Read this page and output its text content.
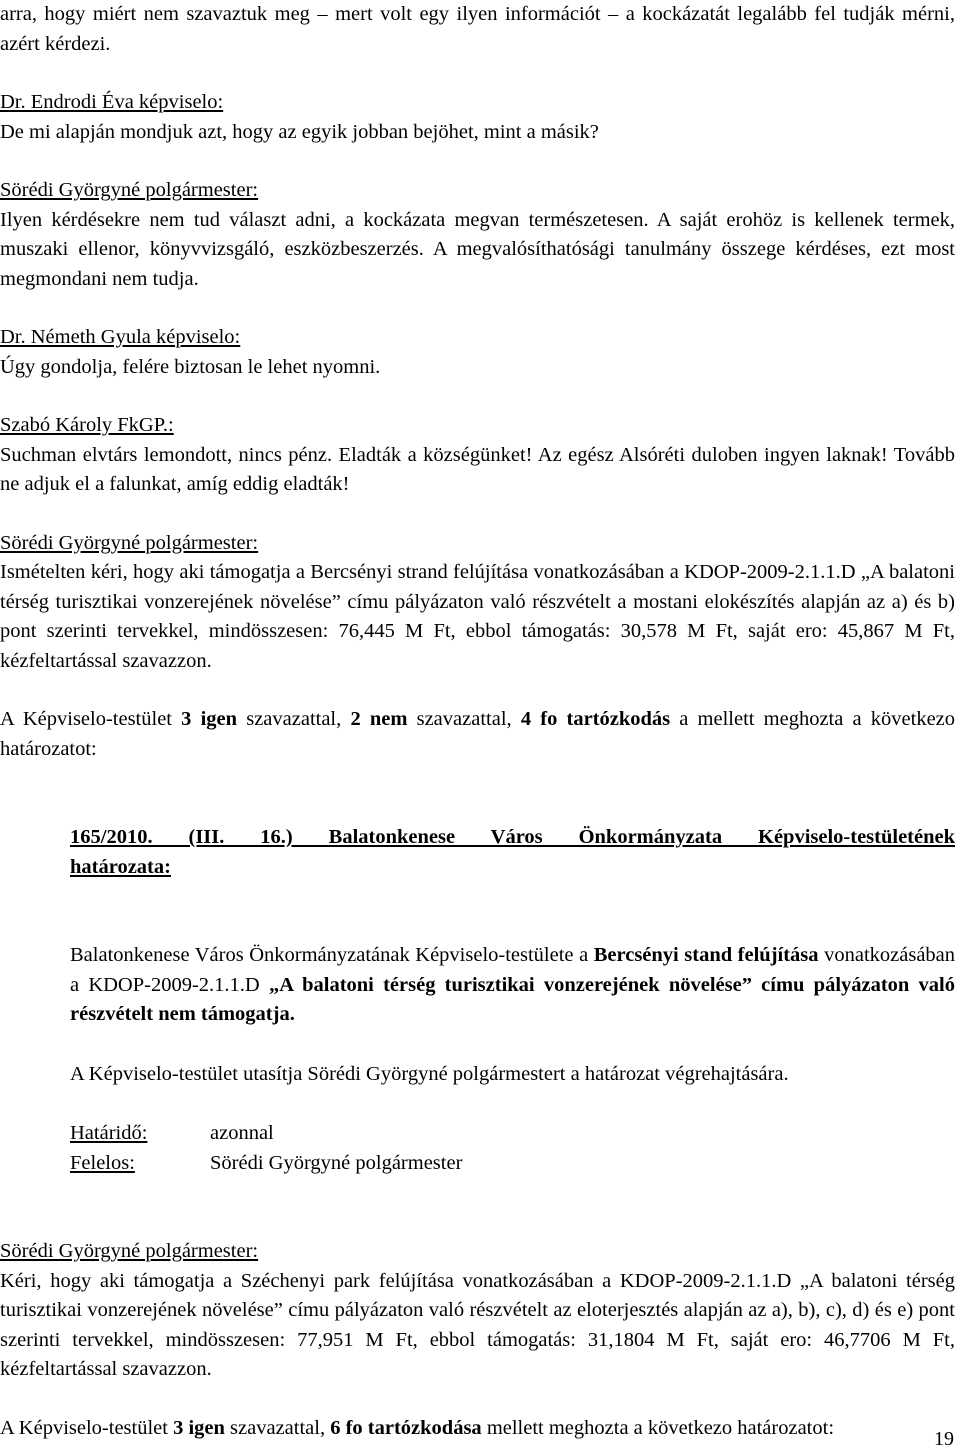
arra, hogy miért nem szavaztuk meg – mert volt egy ilyen információt – a kockázatát legalább fel tudják mérni, azért kérdezi.

Dr. Endrodi Éva képviselo:

De mi alapján mondjuk azt, hogy az egyik jobban bejöhet, mint a másik?

Sörédi Györgyné polgármester:

Ilyen kérdésekre nem tud választ adni, a kockázata megvan természetesen. A saját erohöz is kellenek termek, muszaki ellenor, könyvvizsgáló, eszközbeszerzés. A megvalósíthatósági tanulmány összege kérdéses, ezt most megmondani nem tudja.

Dr. Németh Gyula képviselo:

Úgy gondolja, felére biztosan le lehet nyomni.

Szabó Károly FkGP.:

Suchman elvtárs lemondott, nincs pénz. Eladták a községünket! Az egész Alsóréti duloben ingyen laknak! Tovább ne adjuk el a falunkat, amíg eddig eladták!

Sörédi Györgyné polgármester:

Ismételten kéri, hogy aki támogatja a Bercsényi strand felújítása vonatkozásában a KDOP-2009-2.1.1.D „A balatoni térség turisztikai vonzerejének növelése” címu pályázaton való részvételt a mostani elokészítés alapján az a) és b) pont szerinti tervekkel, mindösszesen: 76,445 M Ft, ebbol támogatás: 30,578 M Ft, saját ero: 45,867 M Ft, kézfeltartással szavazzon.

A Képviselo-testület 3 igen szavazattal, 2 nem szavazattal, 4 fo tartózkodás a mellett meghozta a következo határozatot:

165/2010. (III. 16.) Balatonkenese Város Önkormányzata Képviselo-testületének

határozata:

Balatonkenese Város Önkormányzatának Képviselo-testülete a Bercsényi stand felújítása vonatkozásában a KDOP-2009-2.1.1.D „A balatoni térség turisztikai vonzerejének növelése” címu pályázaton való részvételt nem támogatja.

A Képviselo-testület utasítja Sörédi Györgyné polgármestert a határozat végrehajtására.

Határidő:	azonnal
Felelos:	Sörédi Györgyné polgármester

Sörédi Györgyné polgármester:

Kéri, hogy aki támogatja a Széchenyi park felújítása vonatkozásában a KDOP-2009-2.1.1.D „A balatoni térség turisztikai vonzerejének növelése” címu pályázaton való részvételt az eloterjesztés alapján az a), b), c), d) és e) pont szerinti tervekkel, mindösszesen: 77,951 M Ft, ebbol támogatás: 31,1804 M Ft, saját ero: 46,7706 M Ft, kézfeltartással szavazzon.

A Képviselo-testület 3 igen szavazattal, 6 fo tartózkodása mellett meghozta a következo határozatot:

19
